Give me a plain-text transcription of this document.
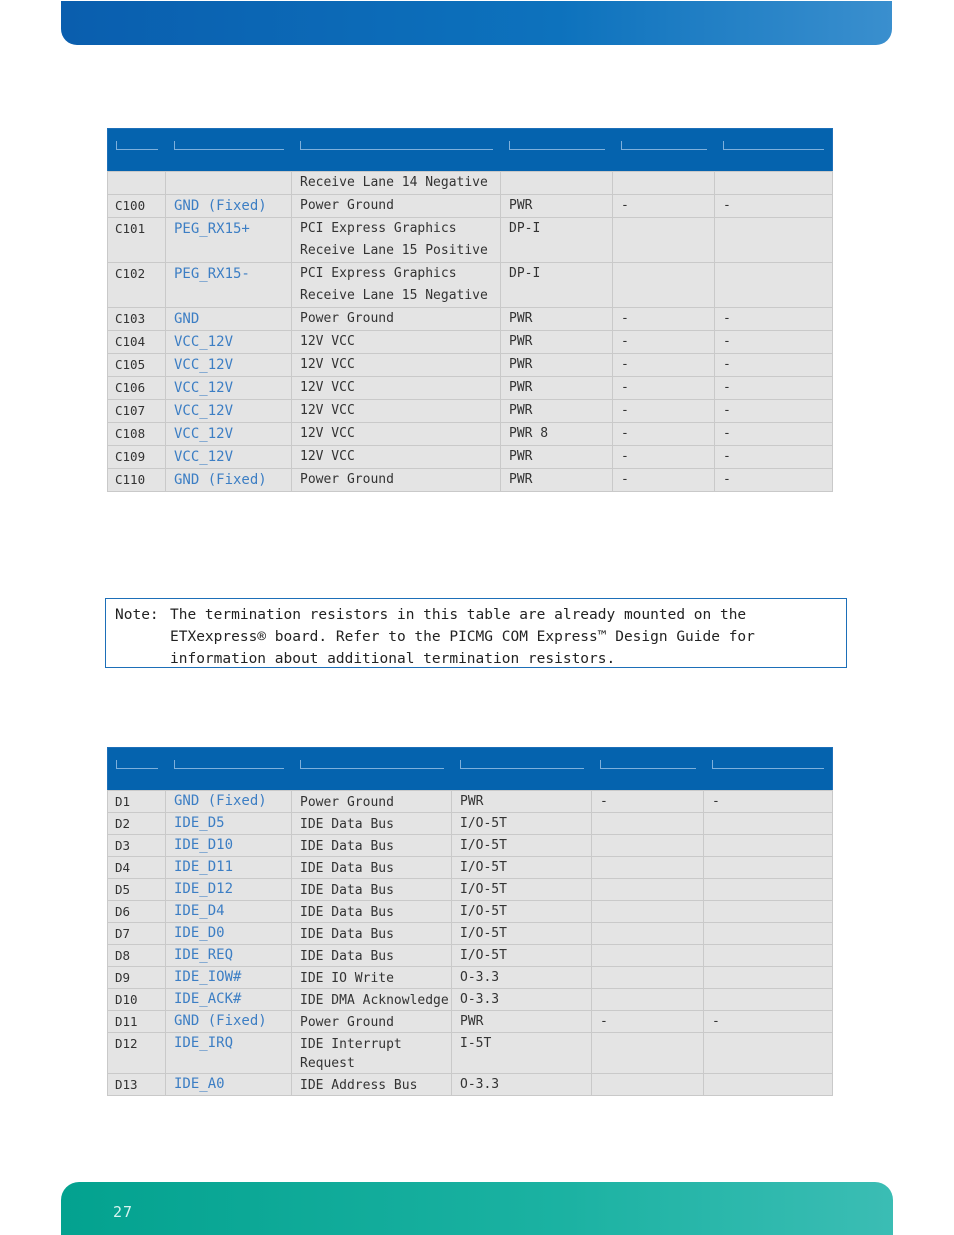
		Receive Lane 14 Negative			
C100	GND (Fixed)	Power Ground	PWR	-	-
C101	PEG_RX15+	PCI Express Graphics Receive Lane 15 Positive	DP-I		
C102	PEG_RX15-	PCI Express Graphics Receive Lane 15 Negative	DP-I		
C103	GND	Power Ground	PWR	-	-
C104	VCC_12V	12V VCC	PWR	-	-
C105	VCC_12V	12V VCC	PWR	-	-
C106	VCC_12V	12V VCC	PWR	-	-
C107	VCC_12V	12V VCC	PWR	-	-
C108	VCC_12V	12V VCC	PWR 8	-	-
C109	VCC_12V	12V VCC	PWR	-	-
C110	GND (Fixed)	Power Ground	PWR	-	-
Note: The termination resistors in this table are already mounted on the ETXexpress® board. Refer to the PICMG COM Express™ Design Guide for information about additional termination resistors.

D1	GND (Fixed)	Power Ground	PWR	-	-
D2	IDE_D5	IDE Data Bus	I/O-5T		
D3	IDE_D10	IDE Data Bus	I/O-5T		
D4	IDE_D11	IDE Data Bus	I/O-5T		
D5	IDE_D12	IDE Data Bus	I/O-5T		
D6	IDE_D4	IDE Data Bus	I/O-5T		
D7	IDE_D0	IDE Data Bus	I/O-5T		
D8	IDE_REQ	IDE Data Bus	I/O-5T		
D9	IDE_IOW#	IDE IO Write	O-3.3		
D10	IDE_ACK#	IDE DMA Acknowledge	O-3.3		
D11	GND (Fixed)	Power Ground	PWR	-	-
D12	IDE_IRQ	IDE Interrupt Request	I-5T		
D13	IDE_A0	IDE Address Bus	O-3.3		
27
